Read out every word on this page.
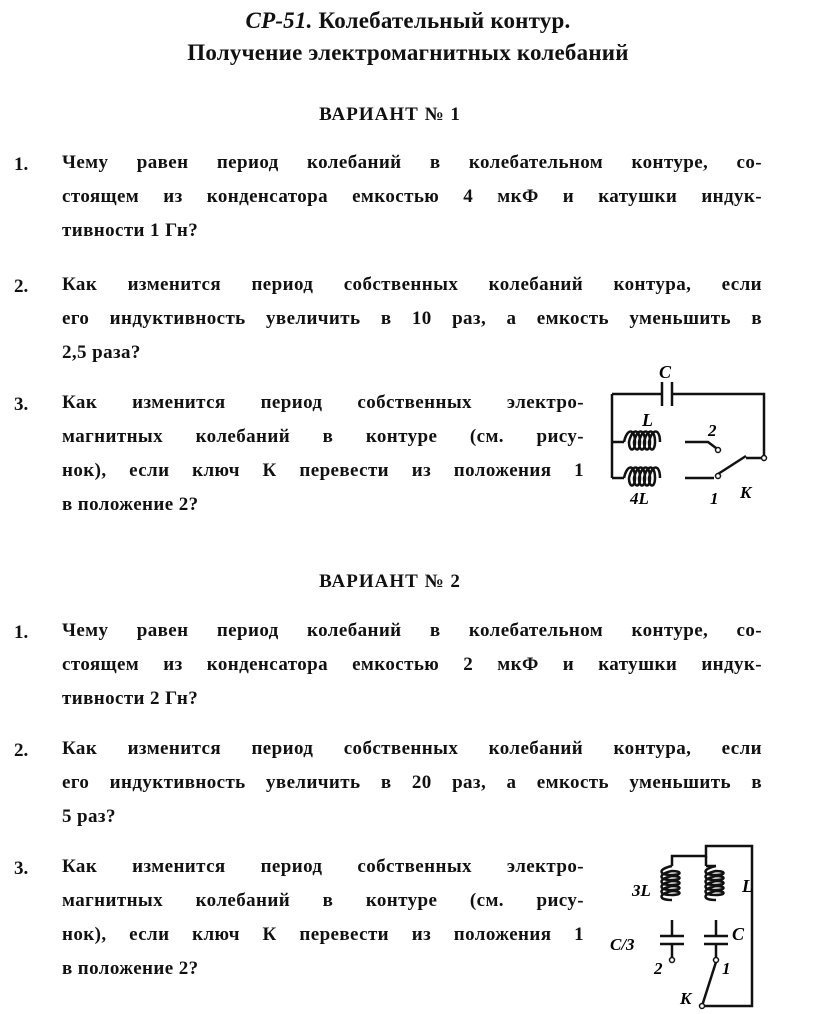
СР-51. Колебательный контур.
Получение электромагнитных колебаний
ВАРИАНТ № 1
1. Чему равен период колебаний в колебательном контуре, со-
стоящем из конденсатора емкостью 4 мкФ и катушки индук-
тивности 1 Гн?
2. Как изменится период собственных колебаний контура, если
его индуктивность увеличить в 10 раз, а емкость уменьшить в
2,5 раза?
3. Как изменится период собственных электро-
магнитных колебаний в контуре (см. рису-
нок), если ключ К перевести из положения 1
в положение 2?
C
L
2
4L	1 K
ВАРИАНТ № 2
1. Чему равен период колебаний в колебательном контуре, со-
стоящем из конденсатора емкостью 2 мкФ и катушки индук-
тивности 2 Гн?
2. Как изменится период собственных колебаний контура, если
его индуктивность увеличить в 20 раз, а емкость уменьшить в
5 раз?
3. Как изменится период собственных электро-
магнитных колебаний в контуре (см. рису-
нок), если ключ К перевести из положения 1
в положение 2?
3L	L
C/3
C
2	1
K
